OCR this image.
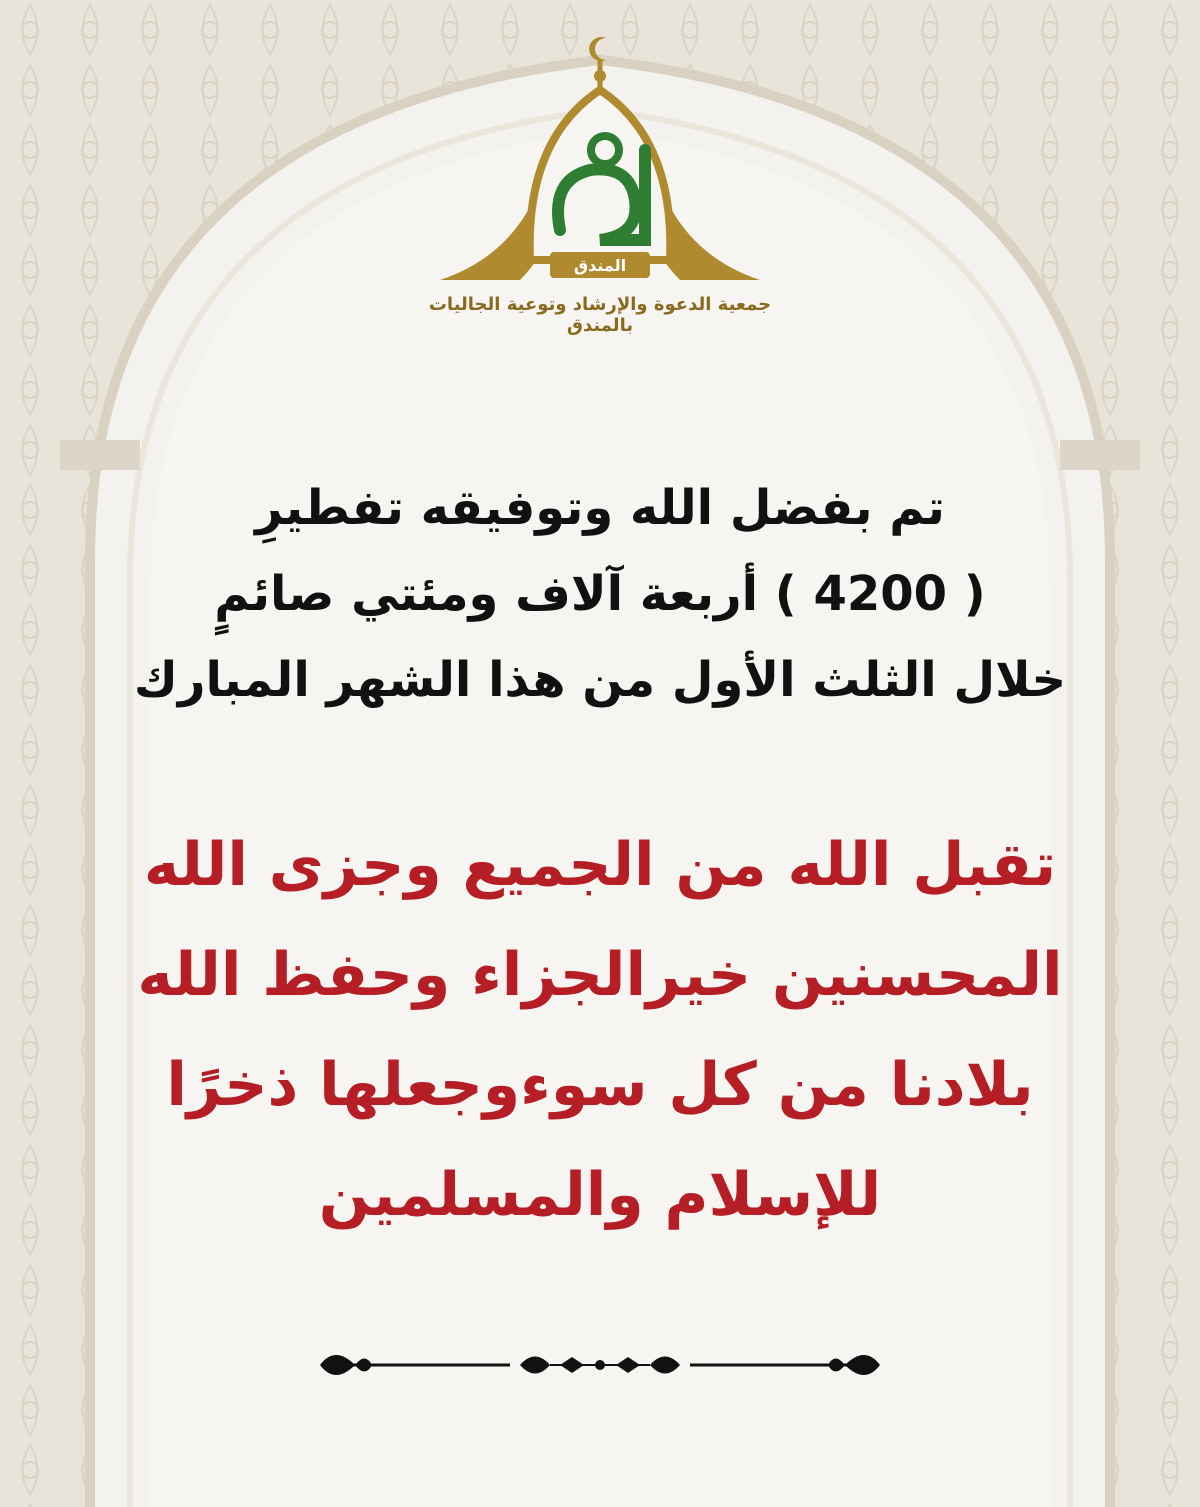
المندق
جمعية الدعوة والإرشاد وتوعية الجاليات بالمندق
تم بفضل الله وتوفيقه تفطيرِ
( 4200 ) أربعة آلاف ومئتي صائمٍ
خلال الثلث الأول من هذا الشهر المبارك
تقبل الله من الجميع وجزى الله
المحسنين خيرالجزاء وحفظ الله
بلادنا من كل سوءوجعلها ذخرًا
للإسلام والمسلمين
